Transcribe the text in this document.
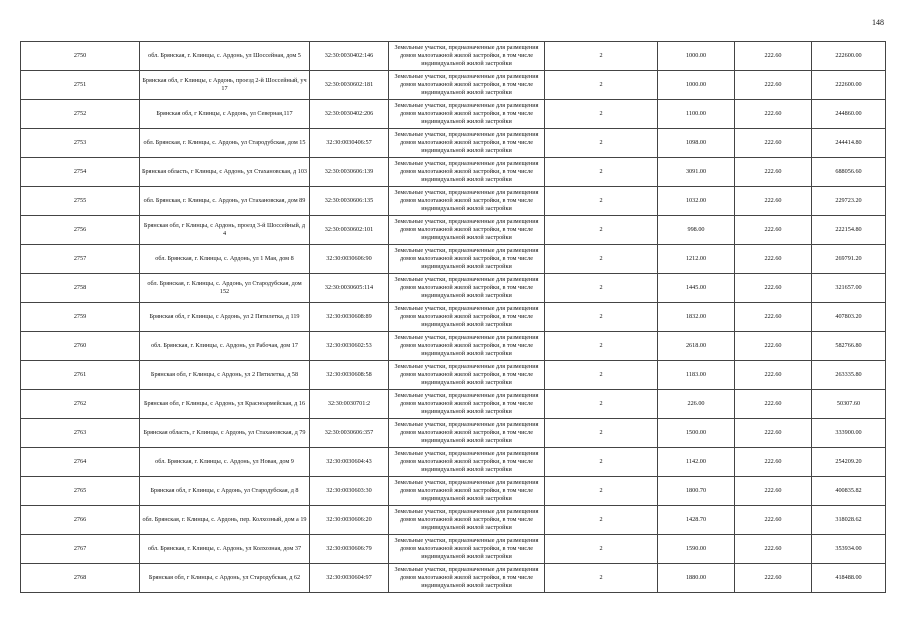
148
2750	обл. Брянская, г. Клинцы, с. Ардонь, ул Шоссейная, дом 5	32:30:0030402:146	Земельные участки, предназначенные для размещения домов малоэтажной жилой застройки, в том числе индивидуальной жилой застройки	2	1000.00	222.60	222600.00
2751	Брянская обл, г Клинцы, с Ардонь, проезд 2-й Шоссейный, уч 17	32:30:0030602:181	Земельные участки, предназначенные для размещения домов малоэтажной жилой застройки, в том числе индивидуальной жилой застройки	2	1000.00	222.60	222600.00
2752	Брянская обл, г Клинцы, с Ардонь, ул Северная,117	32:30:0030402:206	Земельные участки, предназначенные для размещения домов малоэтажной жилой застройки, в том числе индивидуальной жилой застройки	2	1100.00	222.60	244860.00
2753	обл. Брянская, г. Клинцы, с. Ардонь, ул Стародубская, дом 15	32:30:0030406:57	Земельные участки, предназначенные для размещения домов малоэтажной жилой застройки, в том числе индивидуальной жилой застройки	2	1098.00	222.60	244414.80
2754	Брянская область, г Клинцы, с Ардонь, ул Стахановская, д 103	32:30:0030606:139	Земельные участки, предназначенные для размещения домов малоэтажной жилой застройки, в том числе индивидуальной жилой застройки	2	3091.00	222.60	688056.60
2755	обл. Брянская, г. Клинцы, с. Ардонь, ул Стахановская, дом 89	32:30:0030606:135	Земельные участки, предназначенные для размещения домов малоэтажной жилой застройки, в том числе индивидуальной жилой застройки	2	1032.00	222.60	229723.20
2756	Брянская обл, г Клинцы, с Ардонь, проезд 3-й Шоссейный, д 4	32:30:0030602:101	Земельные участки, предназначенные для размещения домов малоэтажной жилой застройки, в том числе индивидуальной жилой застройки	2	998.00	222.60	222154.80
2757	обл. Брянская, г. Клинцы, с. Ардонь, ул 1 Мая, дом 8	32:30:0030606:90	Земельные участки, предназначенные для размещения домов малоэтажной жилой застройки, в том числе индивидуальной жилой застройки	2	1212.00	222.60	269791.20
2758	обл. Брянская, г. Клинцы, с. Ардонь, ул Стародубская, дом 152	32:30:0030605:114	Земельные участки, предназначенные для размещения домов малоэтажной жилой застройки, в том числе индивидуальной жилой застройки	2	1445.00	222.60	321657.00
2759	Брянская обл, г Клинцы, с Ардонь, ул 2 Пятилетка, д 119	32:30:0030608:89	Земельные участки, предназначенные для размещения домов малоэтажной жилой застройки, в том числе индивидуальной жилой застройки	2	1832.00	222.60	407803.20
2760	обл. Брянская, г. Клинцы, с. Ардонь, ул Рабочая, дом 17	32:30:0030602:53	Земельные участки, предназначенные для размещения домов малоэтажной жилой застройки, в том числе индивидуальной жилой застройки	2	2618.00	222.60	582766.80
2761	Брянская обл, г Клинцы, с Ардонь, ул 2 Пятилетка, д 58	32:30:0030608:58	Земельные участки, предназначенные для размещения домов малоэтажной жилой застройки, в том числе индивидуальной жилой застройки	2	1183.00	222.60	263335.80
2762	Брянская обл, г Клинцы, с Ардонь, ул Красноармейская, д 16	32:30:0030701:2	Земельные участки, предназначенные для размещения домов малоэтажной жилой застройки, в том числе индивидуальной жилой застройки	2	226.00	222.60	50307.60
2763	Брянская область, г Клинцы, с Ардонь, ул Стахановская, д 79	32:30:0030606:357	Земельные участки, предназначенные для размещения домов малоэтажной жилой застройки, в том числе индивидуальной жилой застройки	2	1500.00	222.60	333900.00
2764	обл. Брянская, г. Клинцы, с. Ардонь, ул Новая, дом 9	32:30:0030604:43	Земельные участки, предназначенные для размещения домов малоэтажной жилой застройки, в том числе индивидуальной жилой застройки	2	1142.00	222.60	254209.20
2765	Брянская обл, г Клинцы, с Ардонь, ул Стародубская, д 8	32:30:0030603:30	Земельные участки, предназначенные для размещения домов малоэтажной жилой застройки, в том числе индивидуальной жилой застройки	2	1800.70	222.60	400835.82
2766	обл. Брянская, г. Клинцы, с. Ардонь, пер. Колхозный, дом а 19	32:30:0030606:20	Земельные участки, предназначенные для размещения домов малоэтажной жилой застройки, в том числе индивидуальной жилой застройки	2	1428.70	222.60	318028.62
2767	обл. Брянская, г. Клинцы, с. Ардонь, ул Колхозная, дом 37	32:30:0030606:79	Земельные участки, предназначенные для размещения домов малоэтажной жилой застройки, в том числе индивидуальной жилой застройки	2	1590.00	222.60	353934.00
2768	Брянская обл, г Клинцы, с Ардонь, ул Стародубская, д 62	32:30:0030604:97	Земельные участки, предназначенные для размещения домов малоэтажной жилой застройки, в том числе индивидуальной жилой застройки	2	1880.00	222.60	418488.00
